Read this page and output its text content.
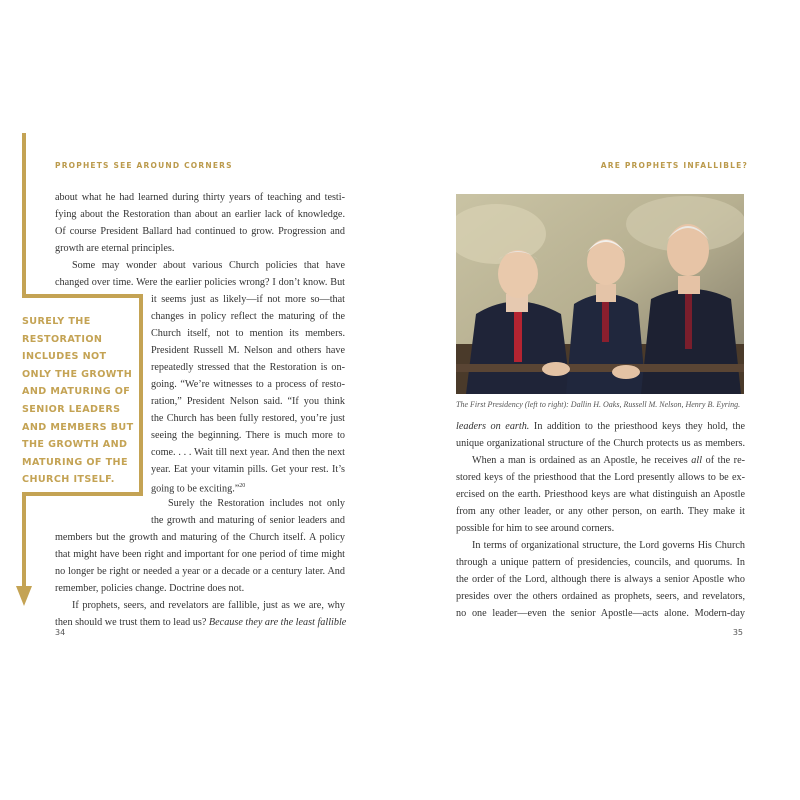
PROPHETS SEE AROUND CORNERS
SURELY THE
RESTORATION
INCLUDES NOT
ONLY THE GROWTH
AND MATURING OF
SENIOR LEADERS
AND MEMBERS BUT
THE GROWTH AND
MATURING OF THE
CHURCH ITSELF.
about what he had learned during thirty years of teaching and testi-
fying about the Restoration than about an earlier lack of knowledge.
Of course President Ballard had continued to grow. Progression and
growth are eternal principles.
Some may wonder about various Church policies that have
changed over time. Were the earlier policies wrong? I don’t know. But
it seems just as likely—if not more so—that
changes in policy reflect the maturing of the
Church itself, not to mention its members.
President Russell M. Nelson and others have
repeatedly stressed that the Restoration is on-
going. “We’re witnesses to a process of resto-
ration,” President Nelson said. “If you think
the Church has been fully restored, you’re just
seeing the beginning. There is much more to
come. . . . Wait till next year. And then the next
year. Eat your vitamin pills. Get your rest. It’s
going to be exciting.”$^{20}$
Surely the Restoration includes not only
the growth and maturing of senior leaders and
members but the growth and maturing of the Church itself. A policy
that might have been right and important for one period of time might
no longer be right or needed a year or a decade or a century later. And
remember, policies change. Doctrine does not.
If prophets, seers, and revelators are fallible, just as we are, why
then should we trust them to lead us? Because they are the least fallible
34
ARE PROPHETS INFALLIBLE?
35
The First Presidency (left to right): Dallin H. Oaks, Russell M. Nelson, Henry B. Eyring.
leaders on earth. In addition to the priesthood keys they hold, the
unique organizational structure of the Church protects us as members.
When a man is ordained as an Apostle, he receives all of the re-
stored keys of the priesthood that the Lord presently allows to be ex-
ercised on the earth. Priesthood keys are what distinguish an Apostle
from any other leader, or any other person, on earth. They make it
possible for him to see around corners.
In terms of organizational structure, the Lord governs His Church
through a unique pattern of presidencies, councils, and quorums. In
the order of the Lord, although there is always a senior Apostle who
presides over the others ordained as prophets, seers, and revelators,
no one leader—even the senior Apostle—acts alone. Modern-day
